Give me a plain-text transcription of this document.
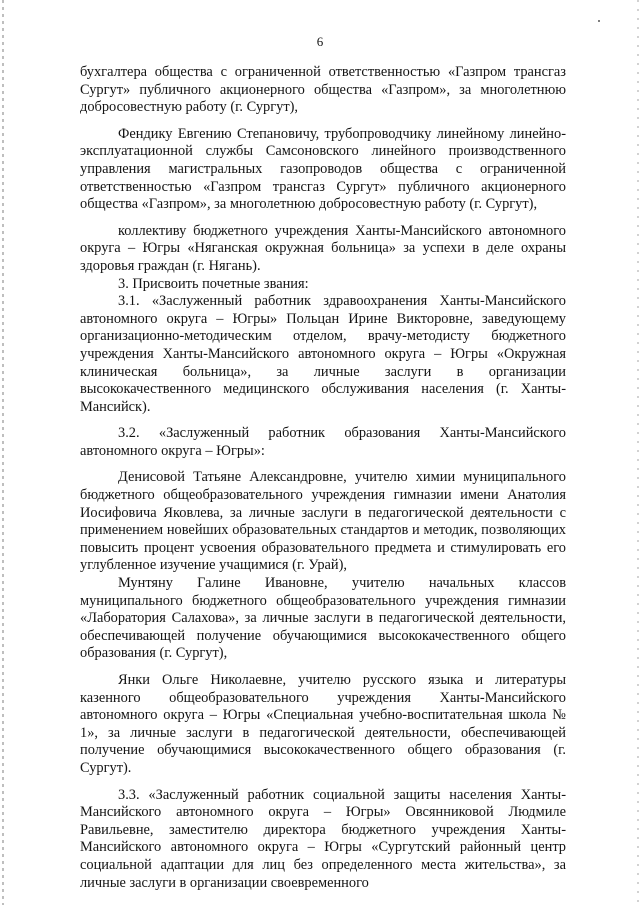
6

бухгалтера общества с ограниченной ответственностью «Газпром трансгаз Сургут» публичного акционерного общества «Газпром», за многолетнюю добросовестную работу (г. Сургут),

Фендику Евгению Степановичу, трубопроводчику линейному линейно-эксплуатационной службы Самсоновского линейного производственного управления магистральных газопроводов общества с ограниченной ответственностью «Газпром трансгаз Сургут» публичного акционерного общества «Газпром», за многолетнюю добросовестную работу (г. Сургут),

коллективу бюджетного учреждения Ханты-Мансийского автономного округа – Югры «Няганская окружная больница» за успехи в деле охраны здоровья граждан (г. Нягань).

3. Присвоить почетные звания:

3.1. «Заслуженный работник здравоохранения Ханты-Мансийского автономного округа – Югры» Польцан Ирине Викторовне, заведующему организационно-методическим отделом, врачу-методисту бюджетного учреждения Ханты-Мансийского автономного округа – Югры «Окружная клиническая больница», за личные заслуги в организации высококачественного медицинского обслуживания населения (г. Ханты-Мансийск).

3.2. «Заслуженный работник образования Ханты-Мансийского автономного округа – Югры»:

Денисовой Татьяне Александровне, учителю химии муниципального бюджетного общеобразовательного учреждения гимназии имени Анатолия Иосифовича Яковлева, за личные заслуги в педагогической деятельности с применением новейших образовательных стандартов и методик, позволяющих повысить процент усвоения образовательного предмета и стимулировать его углубленное изучение учащимися (г. Урай),

Мунтяну Галине Ивановне, учителю начальных классов муниципального бюджетного общеобразовательного учреждения гимназии «Лаборатория Салахова», за личные заслуги в педагогической деятельности, обеспечивающей получение обучающимися высококачественного общего образования (г. Сургут),

Янки Ольге Николаевне, учителю русского языка и литературы казенного общеобразовательного учреждения Ханты-Мансийского автономного округа – Югры «Специальная учебно-воспитательная школа № 1», за личные заслуги в педагогической деятельности, обеспечивающей получение обучающимися высококачественного общего образования (г. Сургут).

3.3. «Заслуженный работник социальной защиты населения Ханты-Мансийского автономного округа – Югры» Овсянниковой Людмиле Равильевне, заместителю директора бюджетного учреждения Ханты-Мансийского автономного округа – Югры «Сургутский районный центр социальной адаптации для лиц без определенного места жительства», за личные заслуги в организации своевременного
